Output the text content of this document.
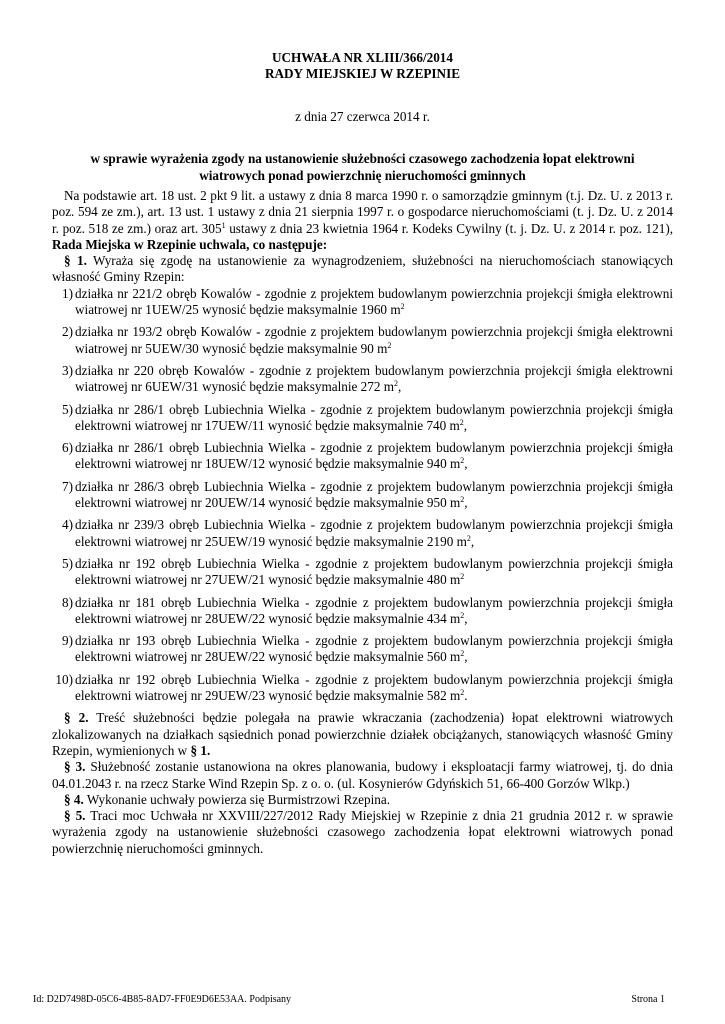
UCHWAŁA NR XLIII/366/2014
RADY MIEJSKIEJ W RZEPINIE
z dnia 27 czerwca 2014 r.
w sprawie wyrażenia zgody na ustanowienie służebności czasowego zachodzenia łopat elektrowni wiatrowych ponad powierzchnię nieruchomości gminnych

Na podstawie art. 18 ust. 2 pkt 9 lit. a ustawy z dnia 8 marca 1990 r. o samorządzie gminnym (t.j. Dz. U. z 2013 r. poz. 594 ze zm.), art. 13 ust. 1 ustawy z dnia 21 sierpnia 1997 r. o gospodarce nieruchomościami (t. j. Dz. U. z 2014 r. poz. 518 ze zm.) oraz art. $305^1$ ustawy z dnia 23 kwietnia 1964 r. Kodeks Cywilny (t. j. Dz. U. z 2014 r. poz. 121), Rada Miejska w Rzepinie uchwala, co następuje:

§ 1. Wyraża się zgodę na ustanowienie za wynagrodzeniem, służebności na nieruchomościach stanowiących własność Gminy Rzepin:

1) działka nr 221/2 obręb Kowalów - zgodnie z projektem budowlanym powierzchnia projekcji śmigła elektrowni wiatrowej nr 1UEW/25 wynosić będzie maksymalnie 1960 $m^2$
2) działka nr 193/2 obręb Kowalów - zgodnie z projektem budowlanym powierzchnia projekcji śmigła elektrowni wiatrowej nr 5UEW/30 wynosić będzie maksymalnie 90 $m^2$
3) działka nr 220 obręb Kowalów - zgodnie z projektem budowlanym powierzchnia projekcji śmigła elektrowni wiatrowej nr 6UEW/31 wynosić będzie maksymalnie 272 $m^2$,
5) działka nr 286/1 obręb Lubiechnia Wielka - zgodnie z projektem budowlanym powierzchnia projekcji śmigła elektrowni wiatrowej nr 17UEW/11 wynosić będzie maksymalnie 740 $m^2$,
6) działka nr 286/1 obręb Lubiechnia Wielka - zgodnie z projektem budowlanym powierzchnia projekcji śmigła elektrowni wiatrowej nr 18UEW/12 wynosić będzie maksymalnie 940 $m^2$,
7) działka nr 286/3 obręb Lubiechnia Wielka - zgodnie z projektem budowlanym powierzchnia projekcji śmigła elektrowni wiatrowej nr 20UEW/14 wynosić będzie maksymalnie 950 $m^2$,
4) działka nr 239/3 obręb Lubiechnia Wielka - zgodnie z projektem budowlanym powierzchnia projekcji śmigła elektrowni wiatrowej nr 25UEW/19 wynosić będzie maksymalnie 2190 $m^2$,
5) działka nr 192 obręb Lubiechnia Wielka - zgodnie z projektem budowlanym powierzchnia projekcji śmigła elektrowni wiatrowej nr 27UEW/21 wynosić będzie maksymalnie 480 $m^2$
8) działka nr 181 obręb Lubiechnia Wielka - zgodnie z projektem budowlanym powierzchnia projekcji śmigła elektrowni wiatrowej nr 28UEW/22 wynosić będzie maksymalnie 434 $m^2$,
9) działka nr 193 obręb Lubiechnia Wielka - zgodnie z projektem budowlanym powierzchnia projekcji śmigła elektrowni wiatrowej nr 28UEW/22 wynosić będzie maksymalnie 560 $m^2$,
10) działka nr 192 obręb Lubiechnia Wielka - zgodnie z projektem budowlanym powierzchnia projekcji śmigła elektrowni wiatrowej nr 29UEW/23 wynosić będzie maksymalnie 582 $m^2$.

§ 2. Treść służebności będzie polegała na prawie wkraczania (zachodzenia) łopat elektrowni wiatrowych zlokalizowanych na działkach sąsiednich ponad powierzchnie działek obciążanych, stanowiących własność Gminy Rzepin, wymienionych w § 1.

§ 3. Służebność zostanie ustanowiona na okres planowania, budowy i eksploatacji farmy wiatrowej, tj. do dnia 04.01.2043 r. na rzecz Starke Wind Rzepin Sp. z o. o. (ul. Kosynierów Gdyńskich 51, 66-400 Gorzów Wlkp.)

§ 4. Wykonanie uchwały powierza się Burmistrzowi Rzepina.

§ 5. Traci moc Uchwała nr XXVIII/227/2012 Rady Miejskiej w Rzepinie z dnia 21 grudnia 2012 r. w sprawie wyrażenia zgody na ustanowienie służebności czasowego zachodzenia łopat elektrowni wiatrowych ponad powierzchnię nieruchomości gminnych.

Id: D2D7498D-05C6-4B85-8AD7-FF0E9D6E53AA. Podpisany	Strona 1
